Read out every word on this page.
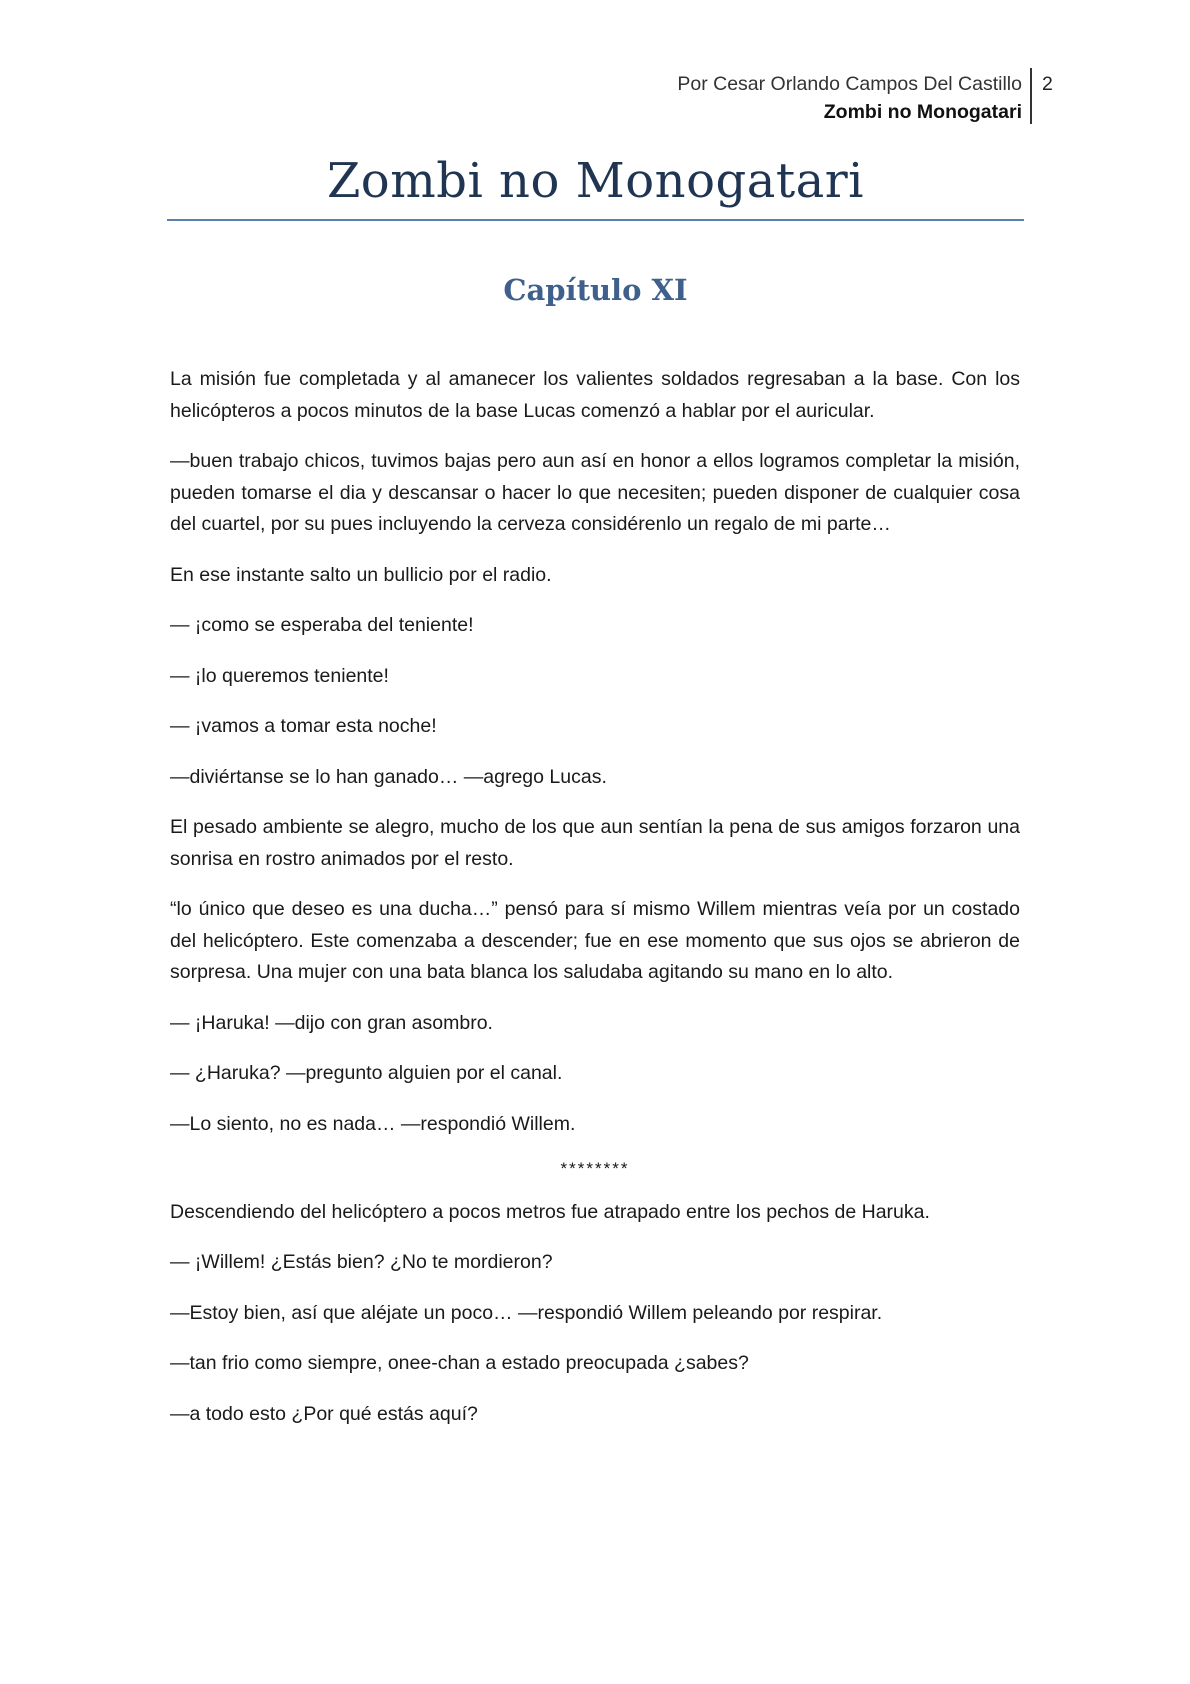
Por Cesar Orlando Campos Del Castillo
Zombi no Monogatari
2
Zombi no Monogatari
Capítulo XI

La misión fue completada y al amanecer los valientes soldados regresaban a la base. Con los helicópteros a pocos minutos de la base Lucas comenzó a hablar por el auricular.

—buen trabajo chicos, tuvimos bajas pero aun así en honor a ellos logramos completar la misión, pueden tomarse el dia y descansar o hacer lo que necesiten; pueden disponer de cualquier cosa del cuartel, por su pues incluyendo la cerveza considérenlo un regalo de mi parte…

En ese instante salto un bullicio por el radio.

— ¡como se esperaba del teniente!

— ¡lo queremos teniente!

— ¡vamos a tomar esta noche!

—diviértanse se lo han ganado… —agrego Lucas.

El pesado ambiente se alegro, mucho de los que aun sentían la pena de sus amigos forzaron una sonrisa en rostro animados por el resto.

“lo único que deseo es una ducha…” pensó para sí mismo Willem mientras veía por un costado del helicóptero. Este comenzaba a descender; fue en ese momento que sus ojos se abrieron de sorpresa. Una mujer con una bata blanca los saludaba agitando su mano en lo alto.

— ¡Haruka! —dijo con gran asombro.

— ¿Haruka? —pregunto alguien por el canal.

—Lo siento, no es nada… —respondió Willem.

********

Descendiendo del helicóptero a pocos metros fue atrapado entre los pechos de Haruka.

— ¡Willem! ¿Estás bien? ¿No te mordieron?

—Estoy bien, así que aléjate un poco… —respondió Willem peleando por respirar.

—tan frio como siempre, onee-chan a estado preocupada ¿sabes?

—a todo esto ¿Por qué estás aquí?
